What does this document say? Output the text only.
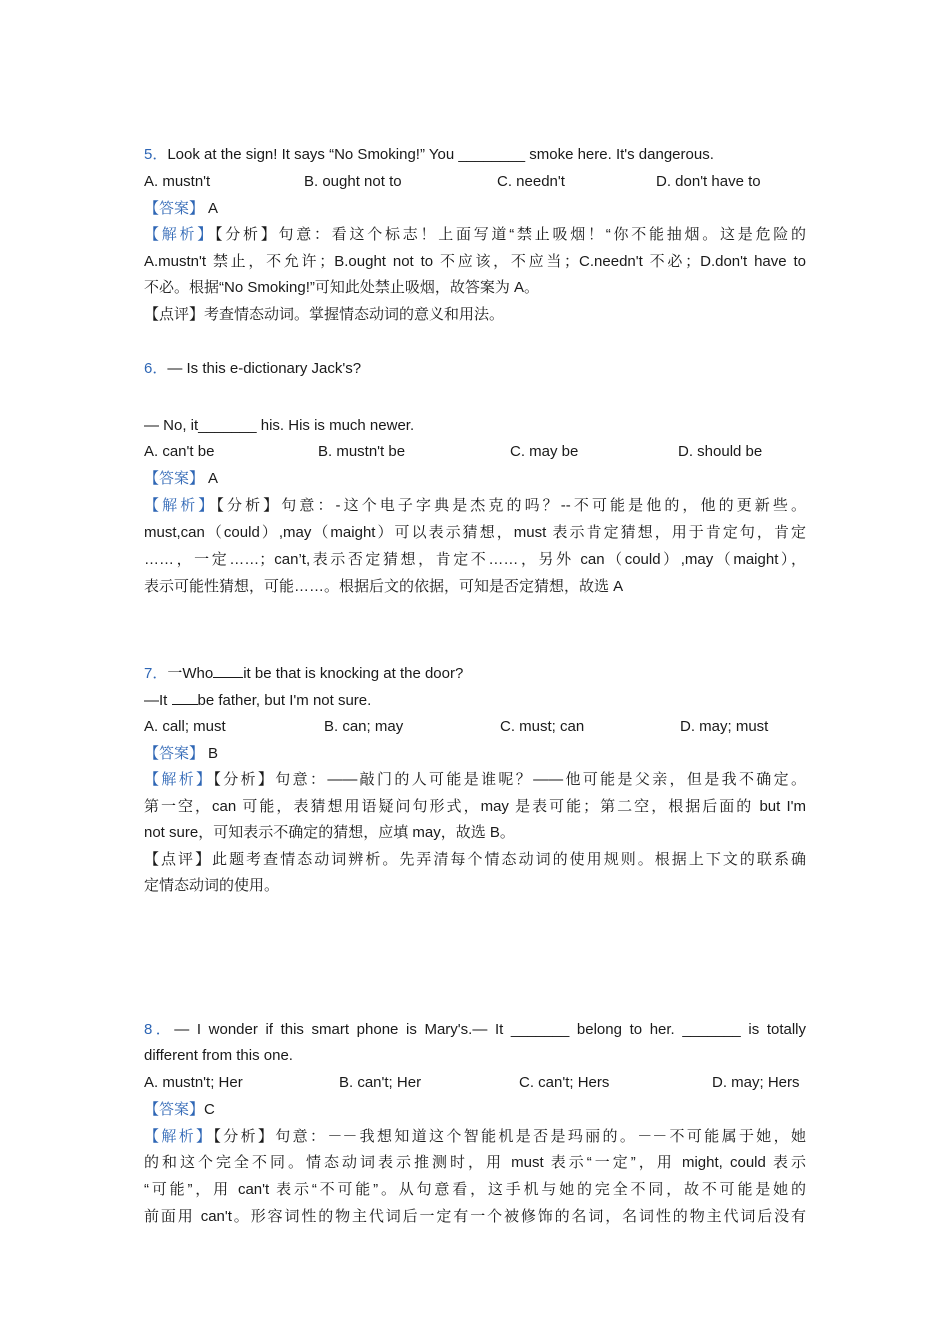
5．Look at the sign! It says “No Smoking!” You ________ smoke here. It's dangerous.
A. mustn't	B. ought not to	C. needn't	D. don't have to
【答案】 A
【解析】【分析】句意：看这个标志！上面写道“禁止吸烟！“你不能抽烟。这是危险的
A.mustn't 禁止，不允许；B.ought not to 不应该，不应当；C.needn't 不必；D.don't have to
不必。根据“No Smoking!”可知此处禁止吸烟，故答案为 A。
【点评】考查情态动词。掌握情态动词的意义和用法。
6．— Is this e-dictionary Jack's?
— No, it_______ his. His is much newer.
A. can't be	B. mustn't be	C. may be	D. should be
【答案】 A
【解析】【分析】句意：-这个电子字典是杰克的吗？--不可能是他的，他的更新些。
must,can（could）,may（maight）可以表示猜想，must 表示肯定猜想，用于肯定句，肯定
……，一定……；can’t,表示否定猜想，肯定不……，另外 can（could）,may（maight），
表示可能性猜想，可能……。根据后文的依据，可知是否定猜想，故选 A
7．一Who it be that is knocking at the door?
—It be father, but I'm not sure.
A. call; must	B. can; may	C. must; can	D. may; must
【答案】 B
【解析】【分析】句意：——敲门的人可能是谁呢？——他可能是父亲，但是我不确定。
第一空，can 可能，表猜想用语疑问句形式，may 是表可能；第二空，根据后面的 but I'm
not sure，可知表示不确定的猜想，应填 may，故选 B。
【点评】此题考查情态动词辨析。先弄清每个情态动词的使用规则。根据上下文的联系确
定情态动词的使用。
8．— I wonder if this smart phone is Mary's.— It _______ belong to her. _______ is totally
different from this one.
A. mustn't; Her	B. can't; Her	C. can't; Hers	D. may; Hers
【答案】C
【解析】【分析】句意：－－我想知道这个智能机是否是玛丽的。－－不可能属于她，她
的和这个完全不同。情态动词表示推测时，用 must 表示“一定”，用 might, could 表示
“可能”，用 can't 表示“不可能”。从句意看，这手机与她的完全不同，故不可能是她的
前面用 can't。形容词性的物主代词后一定有一个被修饰的名词，名词性的物主代词后没有
